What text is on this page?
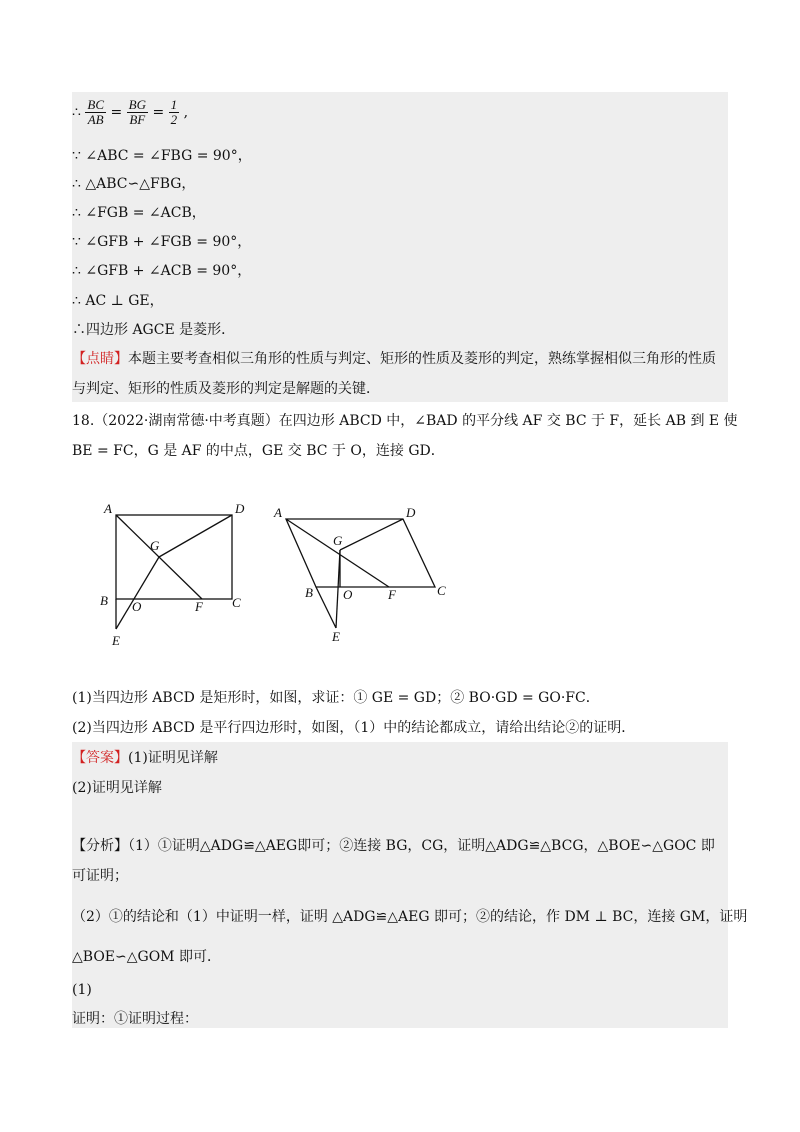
∴ $\frac{BC}{AB} = \frac{BG}{BF} = \frac{1}{2}$ ,
∵ ∠ABC = ∠FBG = 90°，
∴ △ABC∽△FBG，
∴ ∠FGB = ∠ACB，
∵ ∠GFB + ∠FGB = 90°，
∴ ∠GFB + ∠ACB = 90°，
∴ AC ⊥ GE，
∴四边形 AGCE 是菱形．
【点睛】本题主要考查相似三角形的性质与判定、矩形的性质及菱形的判定，熟练掌握相似三角形的性质
与判定、矩形的性质及菱形的判定是解题的关键．
18.（2022·湖南常德·中考真题）在四边形 ABCD 中，∠BAD 的平分线 AF 交 BC 于 F，延长 AB 到 E 使
BE = FC，G 是 AF 的中点，GE 交 BC 于 O，连接 GD．
A	D
G
B O	F C
E
A	D
G
B O	F	C
E
(1)当四边形 ABCD 是矩形时，如图，求证：① GE = GD；② BO·GD = GO·FC．
(2)当四边形 ABCD 是平行四边形时，如图，（1）中的结论都成立，请给出结论②的证明．
【答案】(1)证明见详解
(2)证明见详解
【分析】（1）①证明△ADG≌△AEG即可；②连接 BG，CG，证明△ADG≌△BCG，△BOE∽△GOC 即
可证明；
（2）①的结论和（1）中证明一样，证明 △ADG≌△AEG 即可；②的结论，作 DM ⊥ BC，连接 GM，证明
△BOE∽△GOM 即可．
(1)
证明：①证明过程：
